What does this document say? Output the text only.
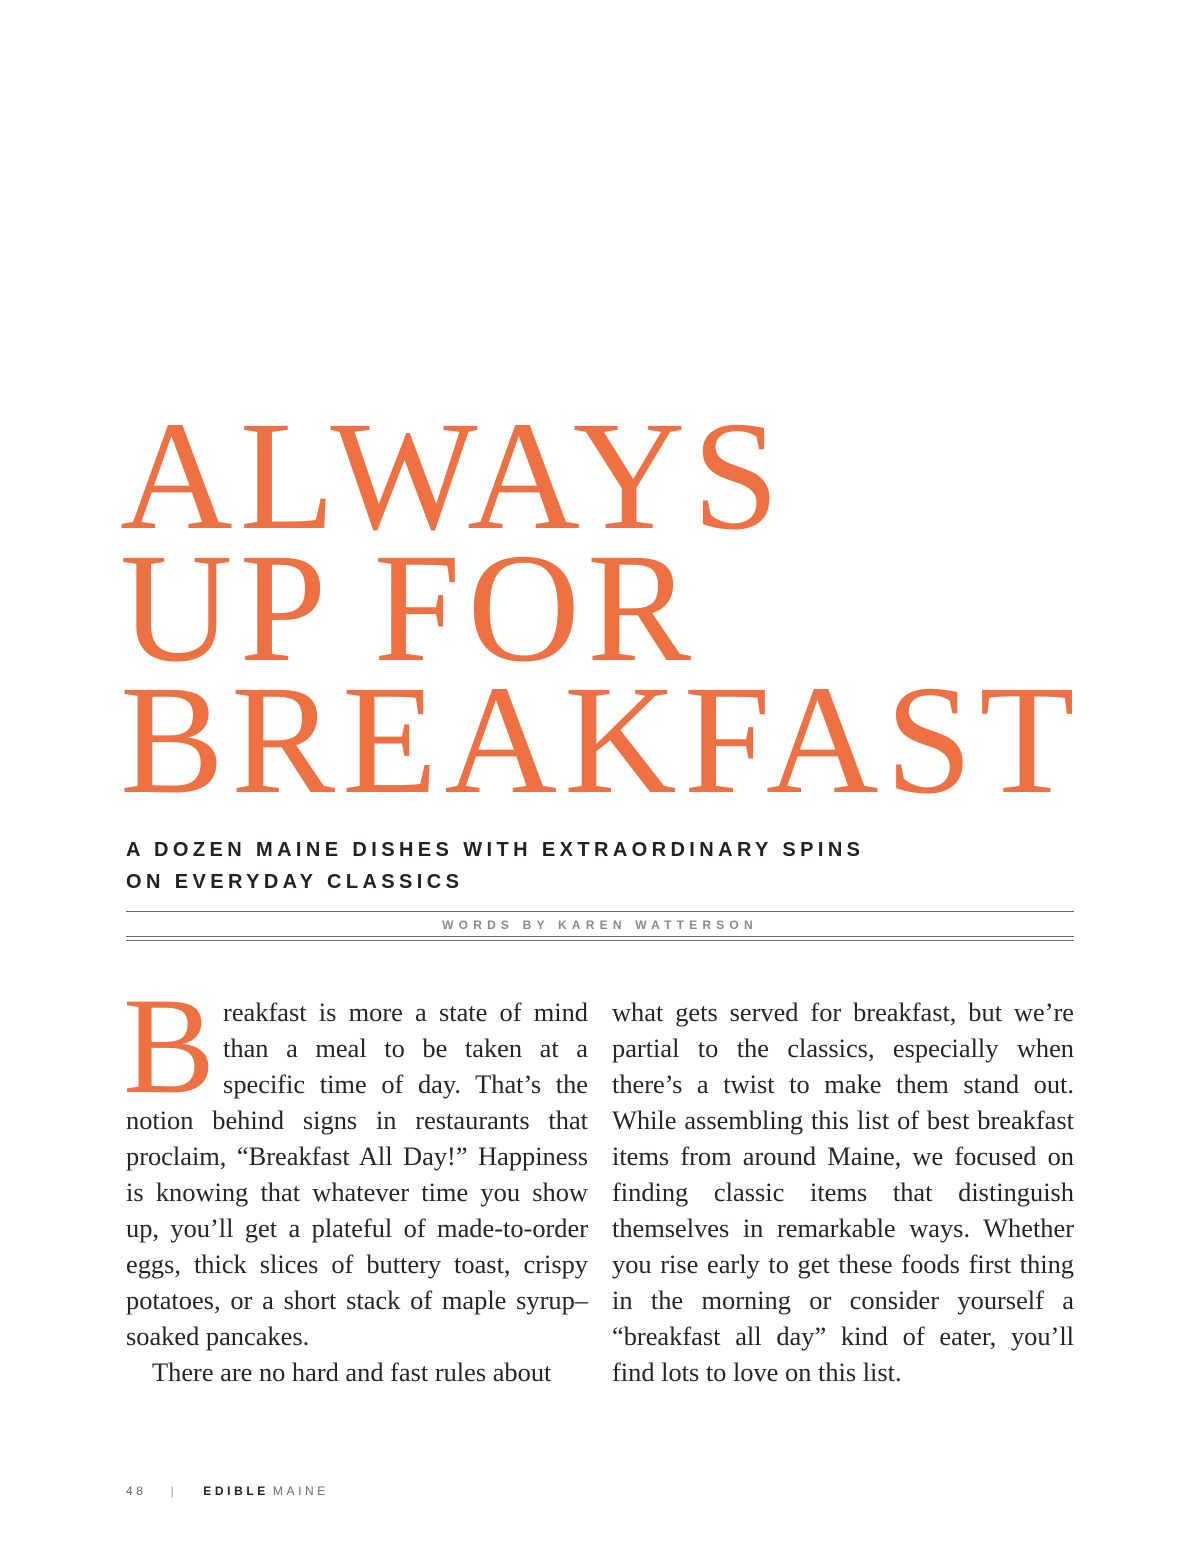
ALWAYS
UP FOR
BREAKFAST
A DOZEN MAINE DISHES WITH EXTRAORDINARY SPINS
ON EVERYDAY CLASSICS
WORDS BY KAREN WATTERSON

Breakfast is more a state of mind than a meal to be taken at a specific time of day. That’s the notion behind signs in restaurants that proclaim, “Breakfast All Day!” Happiness is knowing that whatever time you show up, you’ll get a plateful of made-to-order eggs, thick slices of buttery toast, crispy potatoes, or a short stack of maple syrup–soaked pancakes.

There are no hard and fast rules about

what gets served for breakfast, but we’re partial to the classics, especially when there’s a twist to make them stand out. While assembling this list of best breakfast items from around Maine, we focused on finding classic items that distinguish themselves in remarkable ways. Whether you rise early to get these foods first thing in the morning or consider yourself a “breakfast all day” kind of eater, you’ll find lots to love on this list.

48 | EDIBLE MAINE
